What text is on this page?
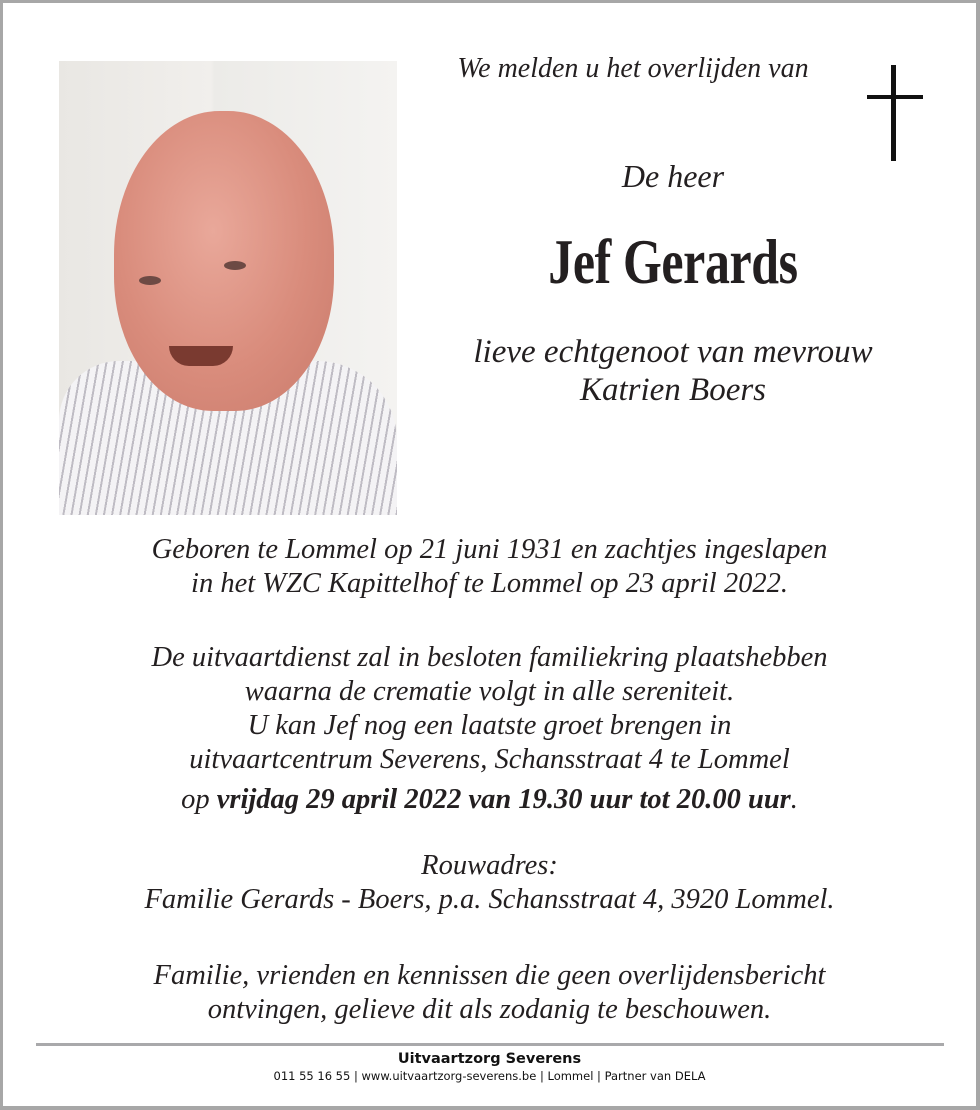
We melden u het overlijden van
De heer
Jef Gerards
lieve echtgenoot van mevrouw
Katrien Boers
Geboren te Lommel op 21 juni 1931 en zachtjes ingeslapen
in het WZC Kapittelhof te Lommel op 23 april 2022.
De uitvaartdienst zal in besloten familiekring plaatshebben
waarna de crematie volgt in alle sereniteit.
U kan Jef nog een laatste groet brengen in
uitvaartcentrum Severens, Schansstraat 4 te Lommel
op vrijdag 29 april 2022 van 19.30 uur tot 20.00 uur.
Rouwadres:
Familie Gerards - Boers, p.a. Schansstraat 4, 3920 Lommel.
Familie, vrienden en kennissen die geen overlijdensbericht
ontvingen, gelieve dit als zodanig te beschouwen.
Uitvaartzorg Severens
011 55 16 55 | www.uitvaartzorg-severens.be | Lommel | Partner van DELA
